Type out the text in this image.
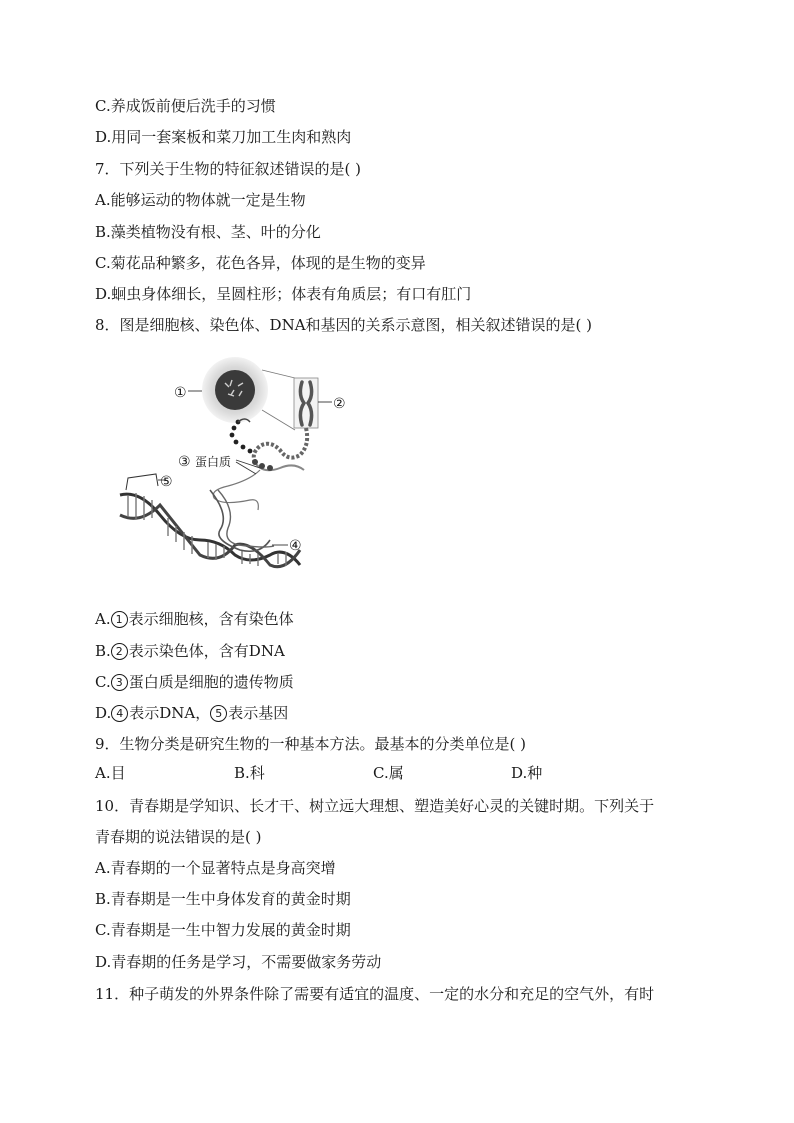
C.养成饭前便后洗手的习惯
D.用同一套案板和菜刀加工生肉和熟肉
7．下列关于生物的特征叙述错误的是( )
A.能够运动的物体就一定是生物
B.藻类植物没有根、茎、叶的分化
C.菊花品种繁多，花色各异，体现的是生物的变异
D.蛔虫身体细长，呈圆柱形；体表有角质层；有口有肛门
8．图是细胞核、染色体、DNA和基因的关系示意图，相关叙述错误的是( )
①
②
③ 蛋白质
④
⑤
A. 1 表示细胞核，含有染色体
B. 2 表示染色体，含有DNA
C. 3 蛋白质是细胞的遗传物质
D. 4 表示DNA， 5 表示基因
9．生物分类是研究生物的一种基本方法。最基本的分类单位是( )
A.目	B.科	C.属	D.种
10．青春期是学知识、长才干、树立远大理想、塑造美好心灵的关键时期。下列关于
青春期的说法错误的是( )
A.青春期的一个显著特点是身高突增
B.青春期是一生中身体发育的黄金时期
C.青春期是一生中智力发展的黄金时期
D.青春期的任务是学习，不需要做家务劳动
11．种子萌发的外界条件除了需要有适宜的温度、一定的水分和充足的空气外，有时
